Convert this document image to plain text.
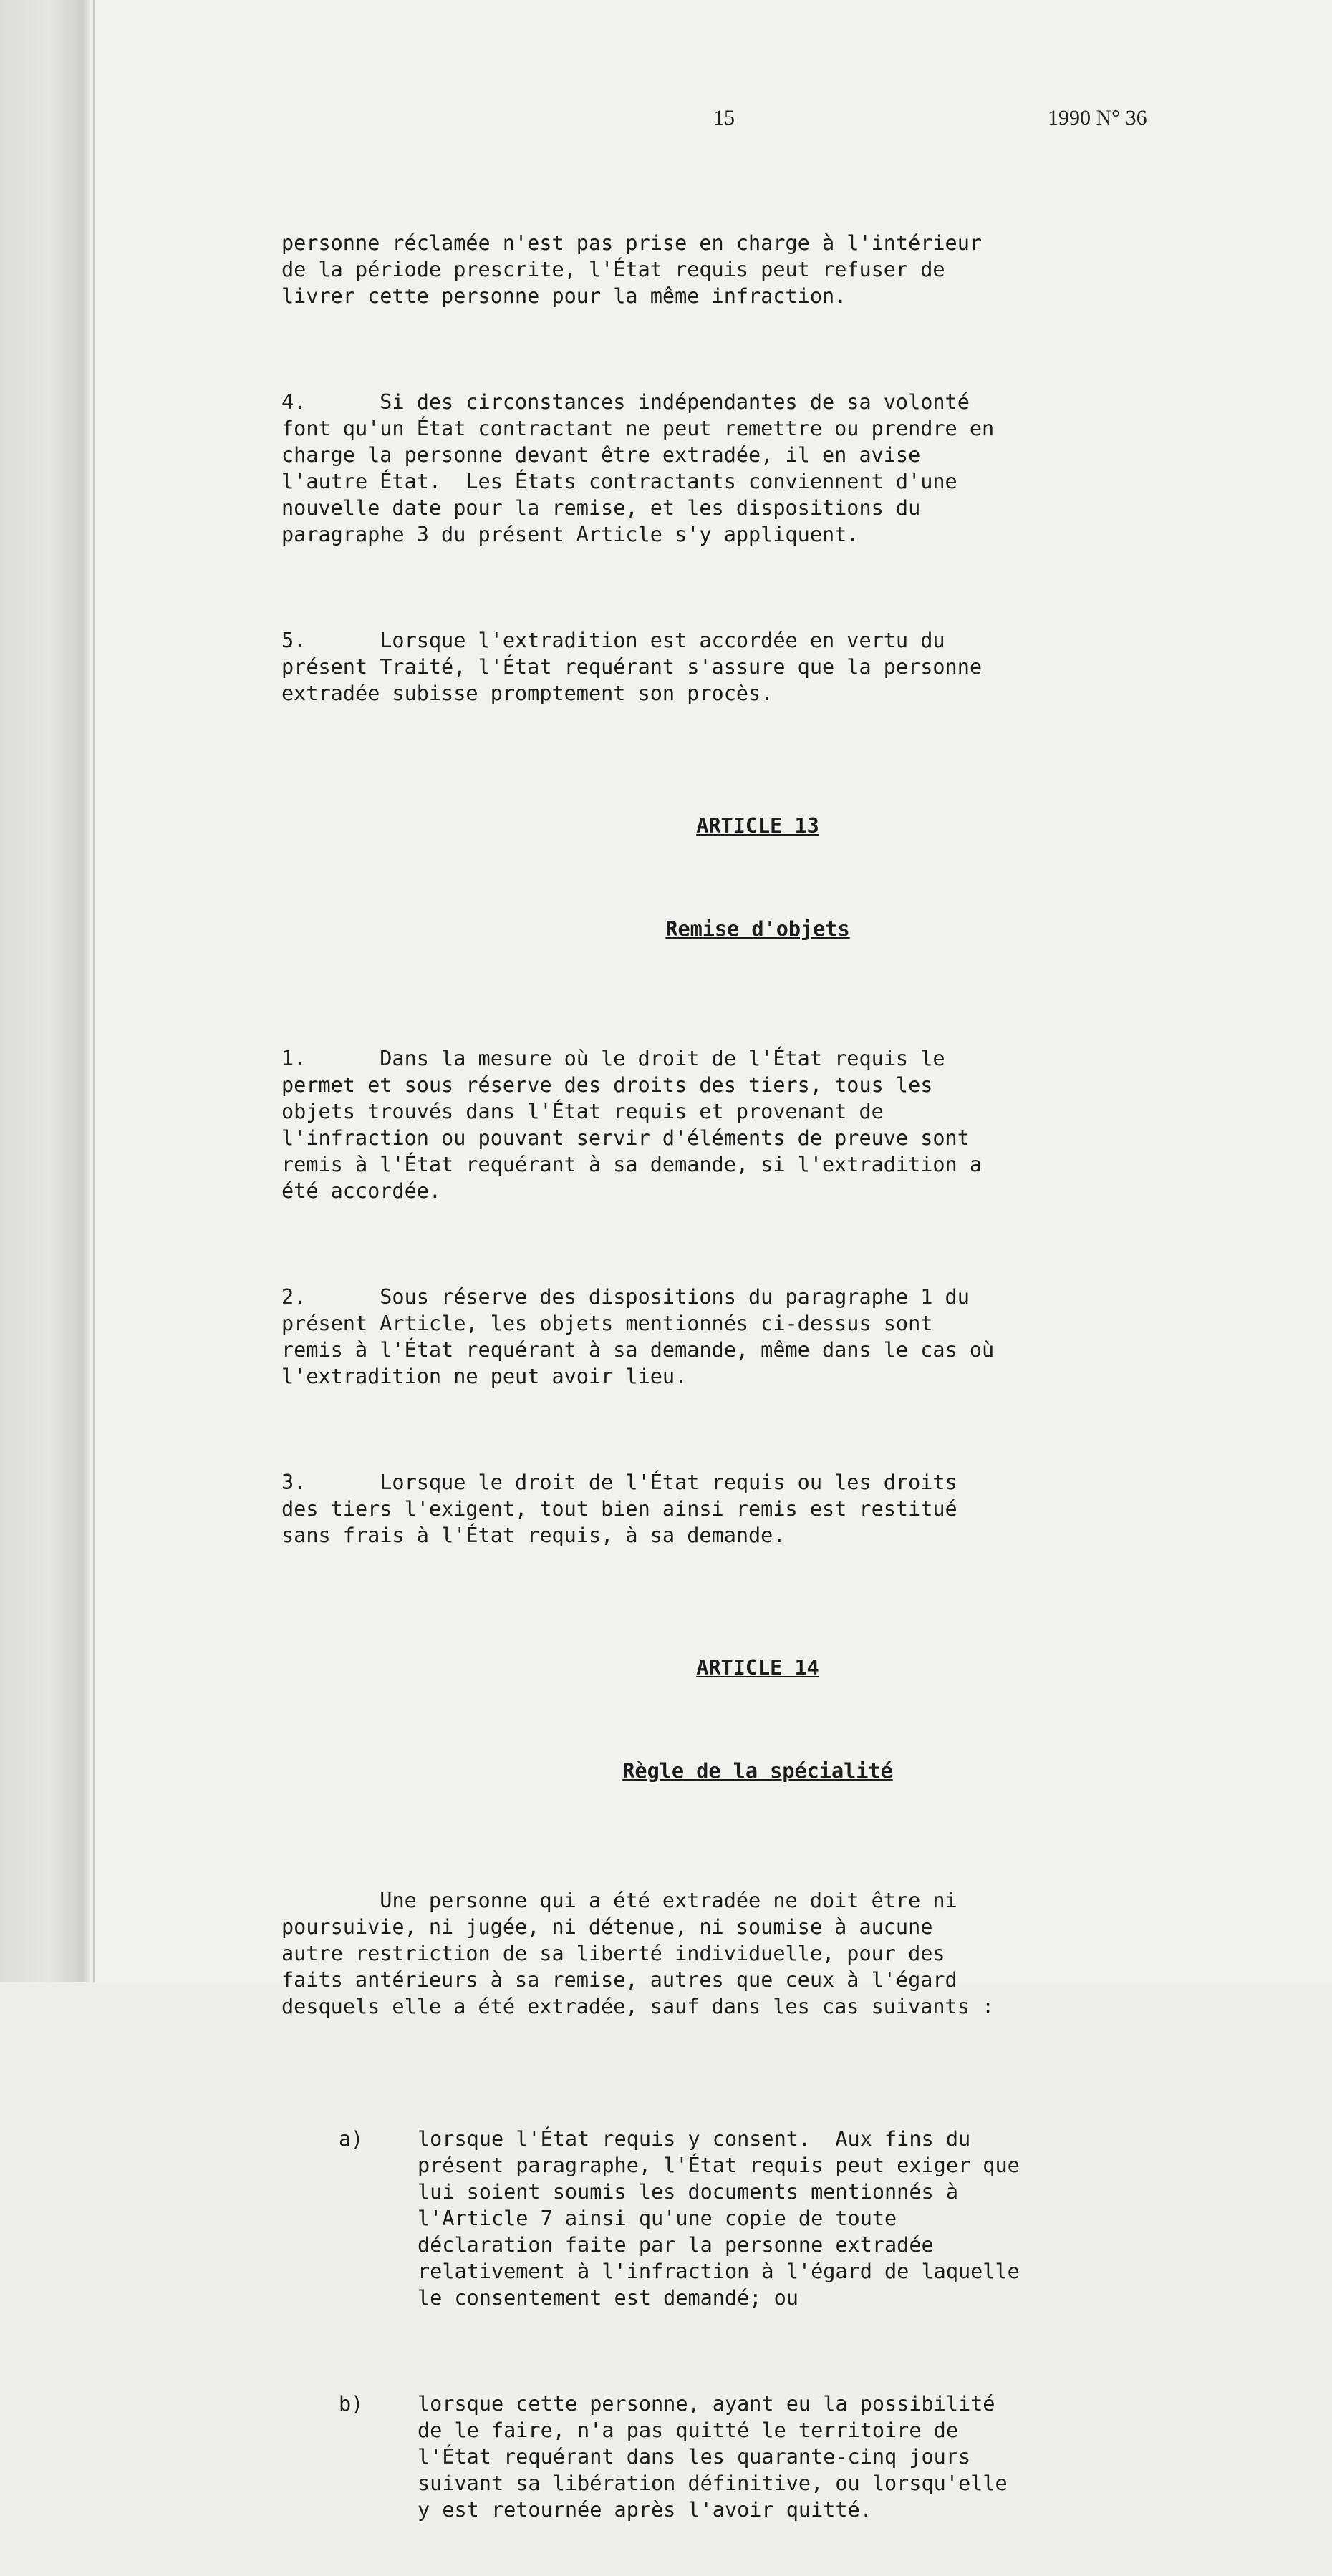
15	1990 N° 36

personne réclamée n'est pas prise en charge à l'intérieur
de la période prescrite, l'État requis peut refuser de
livrer cette personne pour la même infraction.

4.      Si des circonstances indépendantes de sa volonté
font qu'un État contractant ne peut remettre ou prendre en
charge la personne devant être extradée, il en avise
l'autre État.  Les États contractants conviennent d'une
nouvelle date pour la remise, et les dispositions du
paragraphe 3 du présent Article s'y appliquent.

5.      Lorsque l'extradition est accordée en vertu du
présent Traité, l'État requérant s'assure que la personne
extradée subisse promptement son procès.

ARTICLE 13

Remise d'objets

1.      Dans la mesure où le droit de l'État requis le
permet et sous réserve des droits des tiers, tous les
objets trouvés dans l'État requis et provenant de
l'infraction ou pouvant servir d'éléments de preuve sont
remis à l'État requérant à sa demande, si l'extradition a
été accordée.

2.      Sous réserve des dispositions du paragraphe 1 du
présent Article, les objets mentionnés ci-dessus sont
remis à l'État requérant à sa demande, même dans le cas où
l'extradition ne peut avoir lieu.

3.      Lorsque le droit de l'État requis ou les droits
des tiers l'exigent, tout bien ainsi remis est restitué
sans frais à l'État requis, à sa demande.

ARTICLE 14

Règle de la spécialité

Une personne qui a été extradée ne doit être ni
poursuivie, ni jugée, ni détenue, ni soumise à aucune
autre restriction de sa liberté individuelle, pour des
faits antérieurs à sa remise, autres que ceux à l'égard
desquels elle a été extradée, sauf dans les cas suivants :

a)	lorsque l'État requis y consent.  Aux fins du
présent paragraphe, l'État requis peut exiger que
lui soient soumis les documents mentionnés à
l'Article 7 ainsi qu'une copie de toute
déclaration faite par la personne extradée
relativement à l'infraction à l'égard de laquelle
le consentement est demandé; ou

b)	lorsque cette personne, ayant eu la possibilité
de le faire, n'a pas quitté le territoire de
l'État requérant dans les quarante-cinq jours
suivant sa libération définitive, ou lorsqu'elle
y est retournée après l'avoir quitté.
